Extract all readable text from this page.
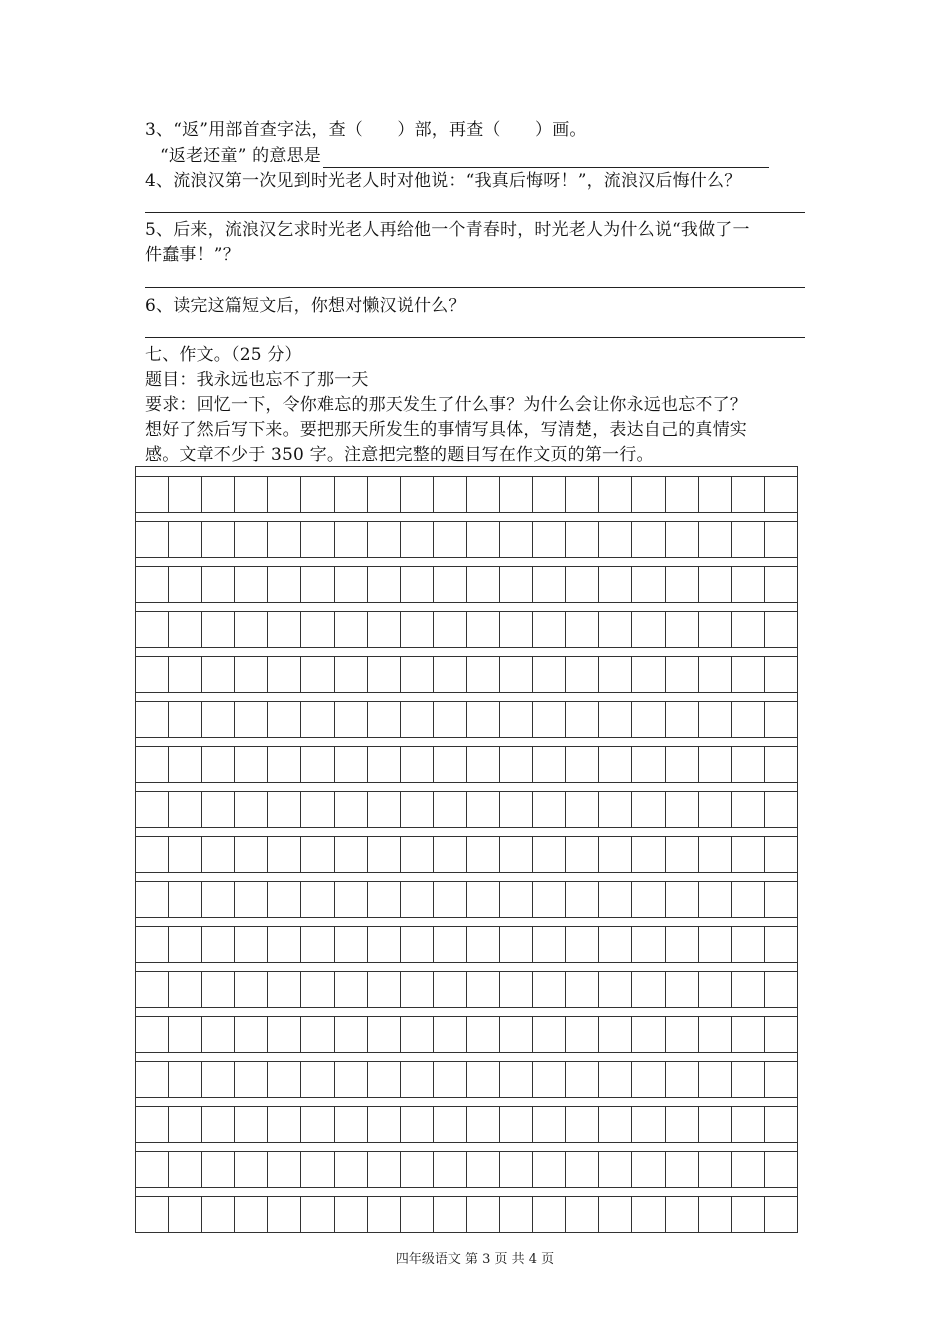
3、“返”用部首查字法，查（　　）部，再查（　　）画。
“返老还童” 的意思是
4、流浪汉第一次见到时光老人时对他说：“我真后悔呀！”，流浪汉后悔什么？
5、后来，流浪汉乞求时光老人再给他一个青春时，时光老人为什么说“我做了一
件蠢事！”？
6、读完这篇短文后，你想对懒汉说什么？
七、作文。（25 分）
题目：我永远也忘不了那一天
要求：回忆一下，令你难忘的那天发生了什么事？为什么会让你永远也忘不了？
想好了然后写下来。要把那天所发生的事情写具体，写清楚，表达自己的真情实
感。文章不少于 350 字。注意把完整的题目写在作文页的第一行。
四年级语文 第 3 页 共 4 页
